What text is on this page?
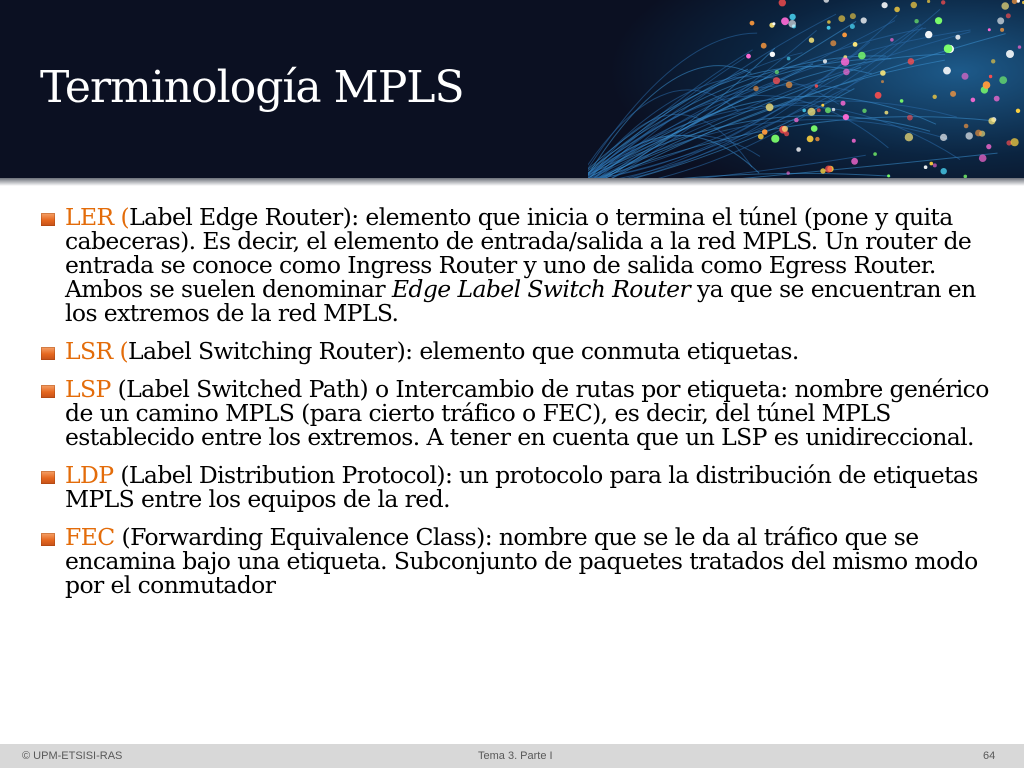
Terminología MPLS
LER (Label Edge Router): elemento que inicia o termina el túnel (pone y quita cabeceras). Es decir, el elemento de entrada/salida a la red MPLS. Un router de entrada se conoce como Ingress Router y uno de salida como Egress Router. Ambos se suelen denominar Edge Label Switch Router ya que se encuentran en los extremos de la red MPLS.
LSR (Label Switching Router): elemento que conmuta etiquetas.
LSP (Label Switched Path) o Intercambio de rutas por etiqueta: nombre genérico de un camino MPLS (para cierto tráfico o FEC), es decir, del túnel MPLS establecido entre los extremos. A tener en cuenta que un LSP es unidireccional.
LDP (Label Distribution Protocol): un protocolo para la distribución de etiquetas MPLS entre los equipos de la red.
FEC (Forwarding Equivalence Class): nombre que se le da al tráfico que se encamina bajo una etiqueta. Subconjunto de paquetes tratados del mismo modo por el conmutador
© UPM-ETSISI-RAS	Tema 3. Parte I	64
